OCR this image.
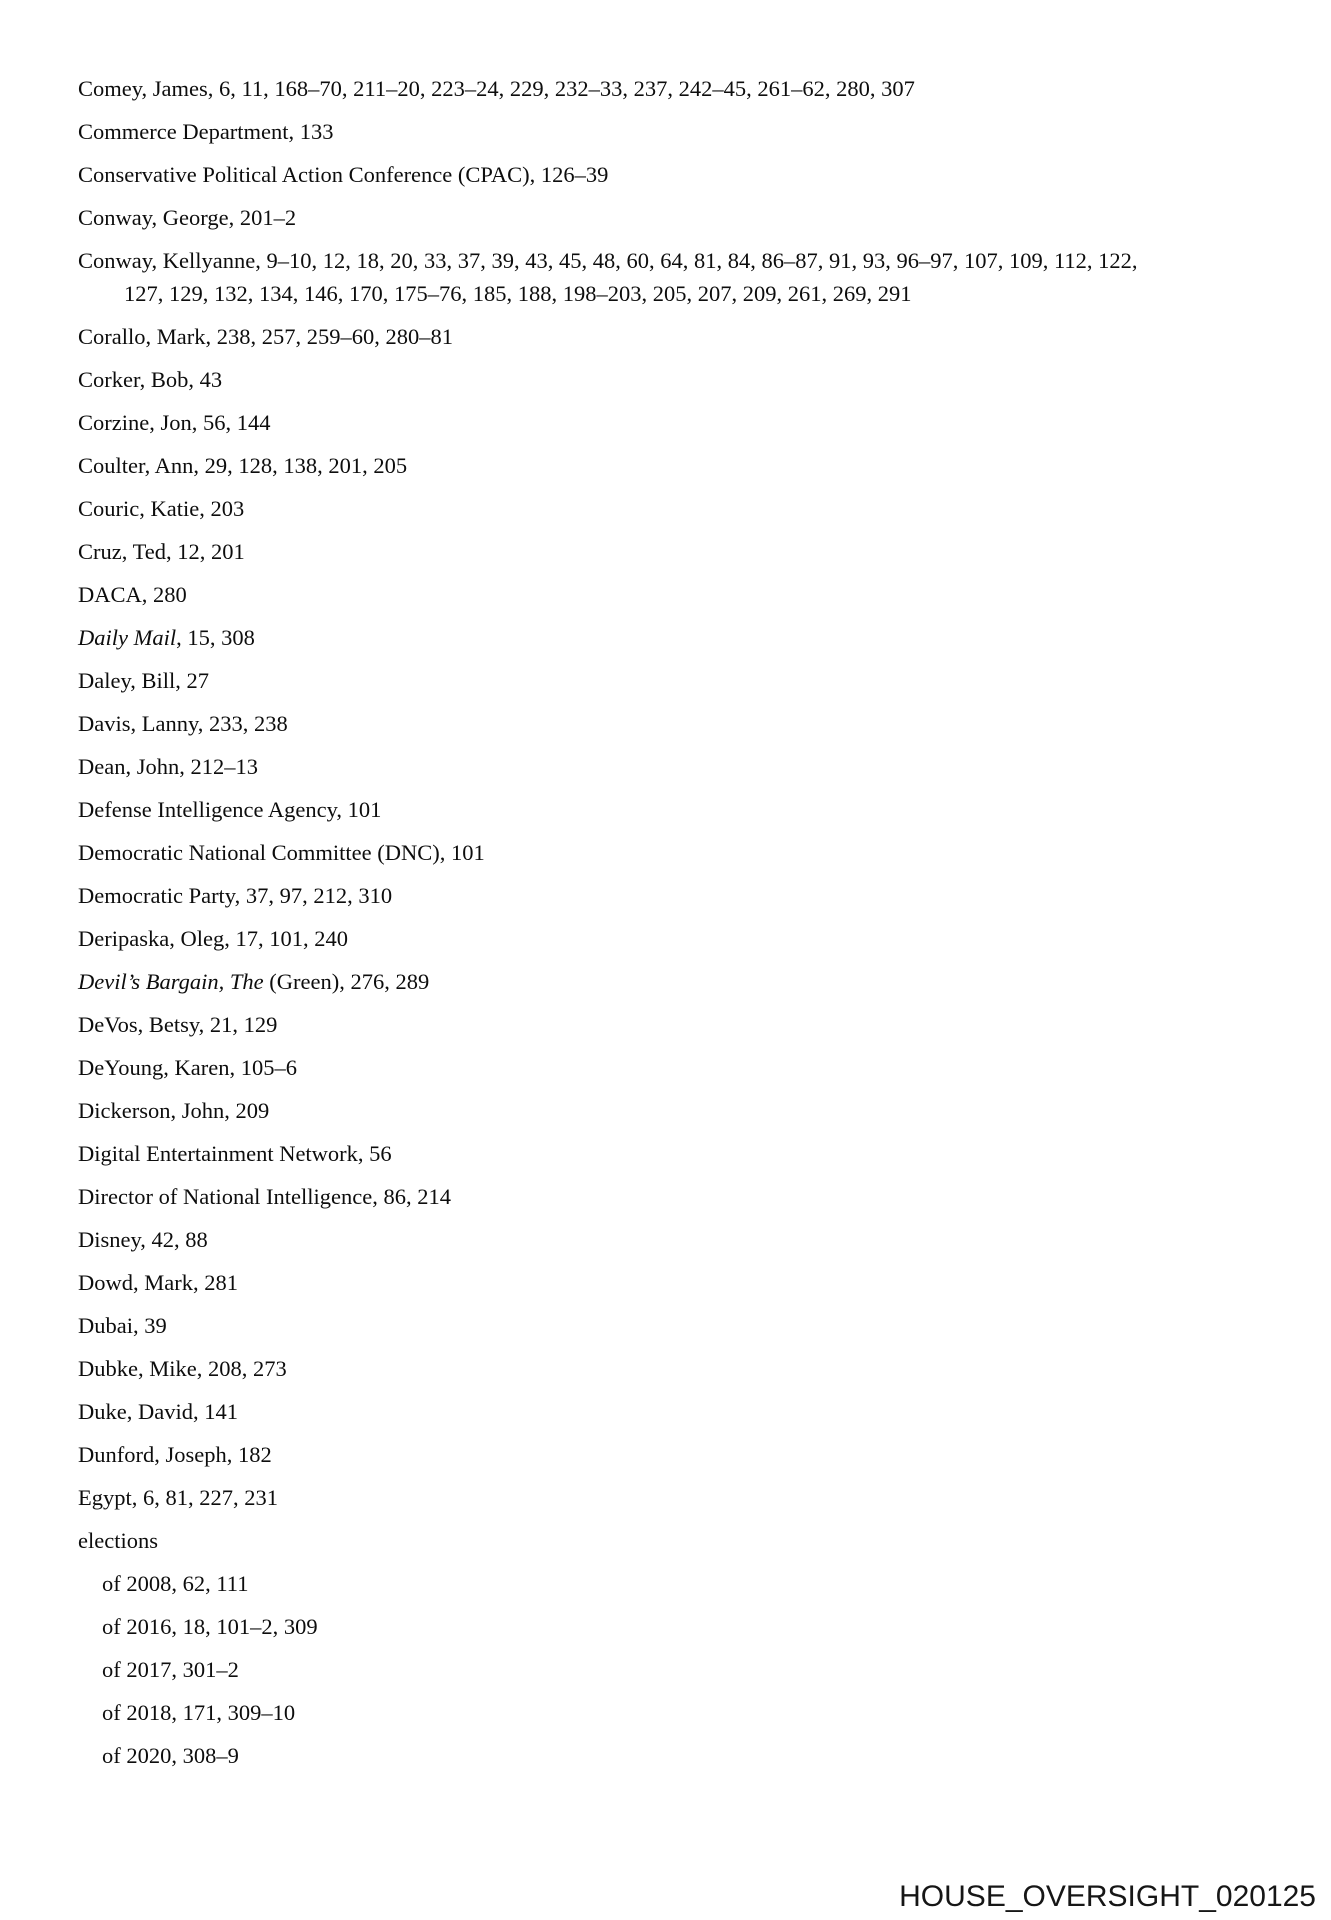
Comey, James, 6, 11, 168–70, 211–20, 223–24, 229, 232–33, 237, 242–45, 261–62, 280, 307
Commerce Department, 133
Conservative Political Action Conference (CPAC), 126–39
Conway, George, 201–2
Conway, Kellyanne, 9–10, 12, 18, 20, 33, 37, 39, 43, 45, 48, 60, 64, 81, 84, 86–87, 91, 93, 96–97, 107, 109, 112, 122,
127, 129, 132, 134, 146, 170, 175–76, 185, 188, 198–203, 205, 207, 209, 261, 269, 291
Corallo, Mark, 238, 257, 259–60, 280–81
Corker, Bob, 43
Corzine, Jon, 56, 144
Coulter, Ann, 29, 128, 138, 201, 205
Couric, Katie, 203
Cruz, Ted, 12, 201
DACA, 280
Daily Mail, 15, 308
Daley, Bill, 27
Davis, Lanny, 233, 238
Dean, John, 212–13
Defense Intelligence Agency, 101
Democratic National Committee (DNC), 101
Democratic Party, 37, 97, 212, 310
Deripaska, Oleg, 17, 101, 240
Devil’s Bargain, The (Green), 276, 289
DeVos, Betsy, 21, 129
DeYoung, Karen, 105–6
Dickerson, John, 209
Digital Entertainment Network, 56
Director of National Intelligence, 86, 214
Disney, 42, 88
Dowd, Mark, 281
Dubai, 39
Dubke, Mike, 208, 273
Duke, David, 141
Dunford, Joseph, 182
Egypt, 6, 81, 227, 231
elections
of 2008, 62, 111
of 2016, 18, 101–2, 309
of 2017, 301–2
of 2018, 171, 309–10
of 2020, 308–9
HOUSE_OVERSIGHT_020125
